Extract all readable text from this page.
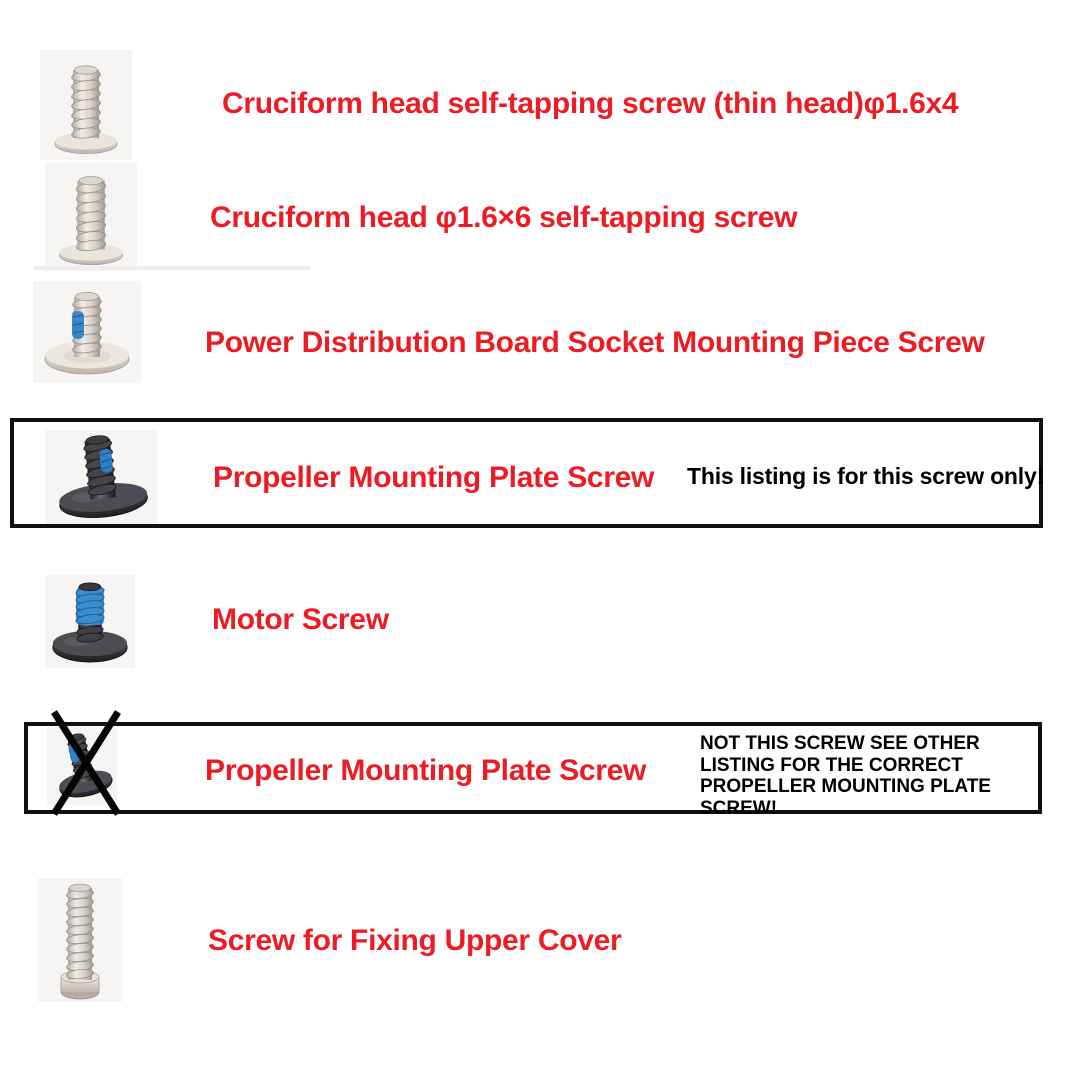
Cruciform head self-tapping screw (thin head)φ1.6x4
Cruciform head φ1.6×6 self-tapping screw
Power Distribution Board Socket Mounting Piece Screw
Propeller Mounting Plate Screw This listing is for this screw only!
Motor Screw
Propeller Mounting Plate Screw
NOT THIS SCREW SEE OTHER
LISTING FOR THE CORRECT
PROPELLER MOUNTING PLATE
SCREW!
Screw for Fixing Upper Cover
